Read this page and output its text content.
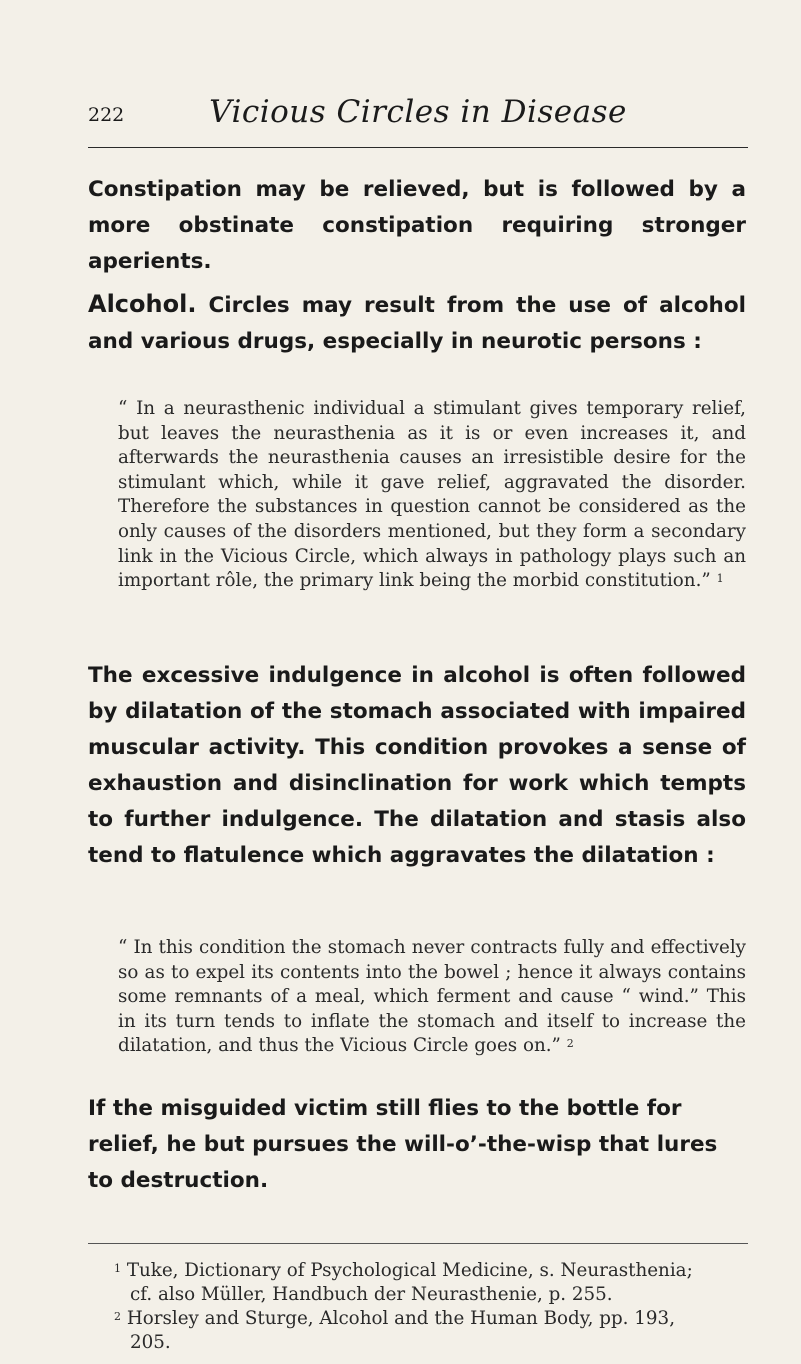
222	Vicious Circles in Disease

Constipation may be relieved, but is followed by a more obstinate constipation requiring stronger aperients.

Alcohol. Circles may result from the use of alcohol and various drugs, especially in neurotic persons :

“ In a neurasthenic individual a stimulant gives temporary relief, but leaves the neurasthenia as it is or even increases it, and afterwards the neurasthenia causes an irresistible desire for the stimulant which, while it gave relief, aggravated the disorder. Therefore the substances in question cannot be considered as the only causes of the disorders mentioned, but they form a secondary link in the Vicious Circle, which always in pathology plays such an important rôle, the primary link being the morbid constitution.” $^1$

The excessive indulgence in alcohol is often followed by dilatation of the stomach associated with impaired muscular activity. This condition provokes a sense of exhaustion and disinclination for work which tempts to further indulgence. The dilatation and stasis also tend to flatulence which aggravates the dilatation :

“ In this condition the stomach never contracts fully and effectively so as to expel its contents into the bowel ; hence it always contains some remnants of a meal, which ferment and cause “ wind.” This in its turn tends to inflate the stomach and itself to increase the dilatation, and thus the Vicious Circle goes on.” $^2$

If the misguided victim still flies to the bottle for relief, he but pursues the will-o’-the-wisp that lures to destruction.

$^1$ Tuke, Dictionary of Psychological Medicine, s. Neurasthenia;
cf. also Müller, Handbuch der Neurasthenie, p. 255.

$^2$ Horsley and Sturge, Alcohol and the Human Body, pp. 193,
205.
